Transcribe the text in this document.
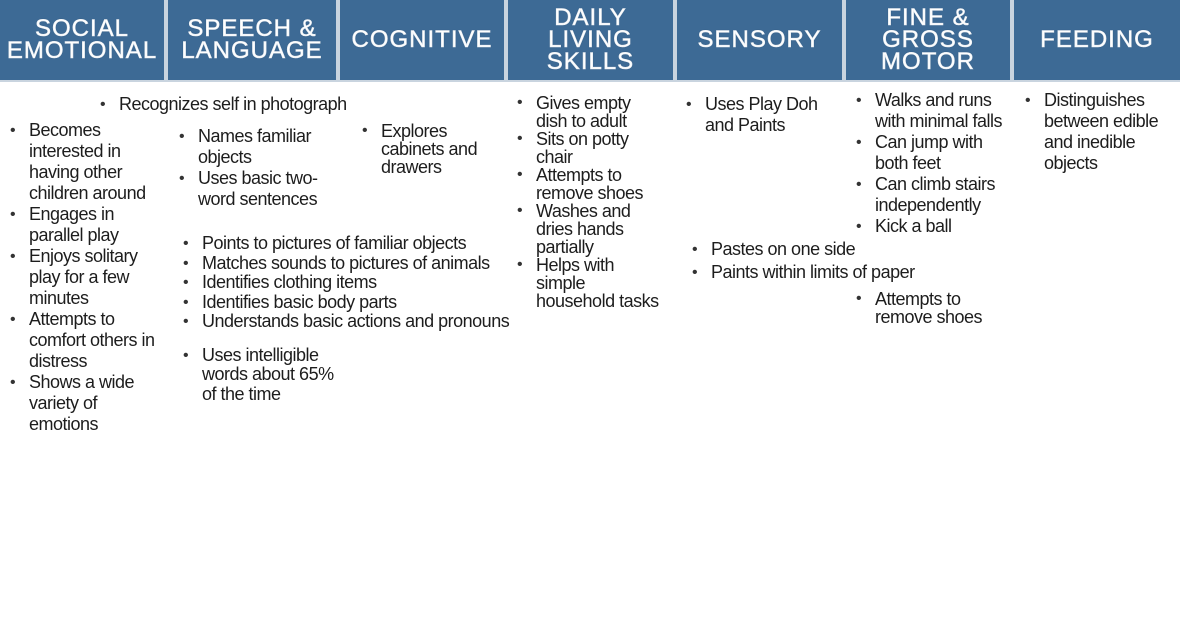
SOCIAL
EMOTIONAL
SPEECH &
LANGUAGE COGNITIVE
DAILY
LIVING
SKILLS
SENSORY
FINE &
GROSS
MOTOR
FEEDING
• Recognizes self in photograph
• Becomes interested in having other children around
• Engages in parallel play
• Enjoys solitary play for a few minutes
• Attempts to comfort others in distress
• Shows a wide variety of emotions
• Names familiar objects
• Uses basic two-word sentences
• Explores cabinets and drawers
• Points to pictures of familiar objects
• Matches sounds to pictures of animals
• Identifies clothing items
• Identifies basic body parts
• Understands basic actions and pronouns
• Uses intelligible words about 65% of the time
• Gives empty dish to adult
• Sits on potty chair
• Attempts to remove shoes
• Washes and dries hands partially
• Helps with simple household tasks
• Uses Play Doh and Paints
• Walks and runs with minimal falls
• Can jump with both feet
• Can climb stairs independently
• Kick a ball
• Distinguishes between edible and inedible objects
• Pastes on one side
• Paints within limits of paper
• Attempts to remove shoes
